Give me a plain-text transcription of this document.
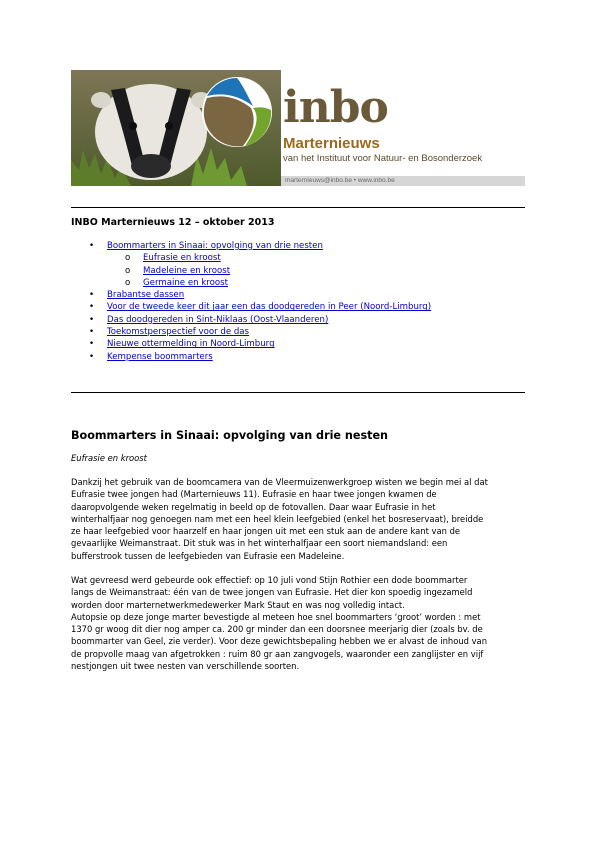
inbo
Marternieuws
van het Instituut voor Natuur- en Bosonderzoek
marternieuws@inbo.be • www.inbo.be
INBO Marternieuws 12 – oktober 2013
• Boommarters in Sinaai: opvolging van drie nesten
o Eufrasie en kroost
o Madeleine en kroost
o Germaine en kroost
• Brabantse dassen
• Voor de tweede keer dit jaar een das doodgereden in Peer (Noord-Limburg)
• Das doodgereden in Sint-Niklaas (Oost-Vlaanderen)
• Toekomstperspectief voor de das
• Nieuwe ottermelding in Noord-Limburg
• Kempense boommarters
Boommarters in Sinaai: opvolging van drie nesten
Eufrasie en kroost
Dankzij het gebruik van de boomcamera van de Vleermuizenwerkgroep wisten we begin mei al dat
Eufrasie twee jongen had (Marternieuws 11). Eufrasie en haar twee jongen kwamen de
daaropvolgende weken regelmatig in beeld op de fotovallen. Daar waar Eufrasie in het
winterhalfjaar nog genoegen nam met een heel klein leefgebied (enkel het bosreservaat), breidde
ze haar leefgebied voor haarzelf en haar jongen uit met een stuk aan de andere kant van de
gevaarlijke Weimanstraat. Dit stuk was in het winterhalfjaar een soort niemandsland: een
bufferstrook tussen de leefgebieden van Eufrasie een Madeleine.
Wat gevreesd werd gebeurde ook effectief: op 10 juli vond Stijn Rothier een dode boommarter
langs de Weimanstraat: één van de twee jongen van Eufrasie. Het dier kon spoedig ingezameld
worden door marternetwerkmedewerker Mark Staut en was nog volledig intact.
Autopsie op deze jonge marter bevestigde al meteen hoe snel boommarters ‘groot’ worden : met
1370 gr woog dit dier nog amper ca. 200 gr minder dan een doorsnee meerjarig dier (zoals bv. de
boommarter van Geel, zie verder). Voor deze gewichtsbepaling hebben we er alvast de inhoud van
de propvolle maag van afgetrokken : ruim 80 gr aan zangvogels, waaronder een zanglijster en vijf
nestjongen uit twee nesten van verschillende soorten.
